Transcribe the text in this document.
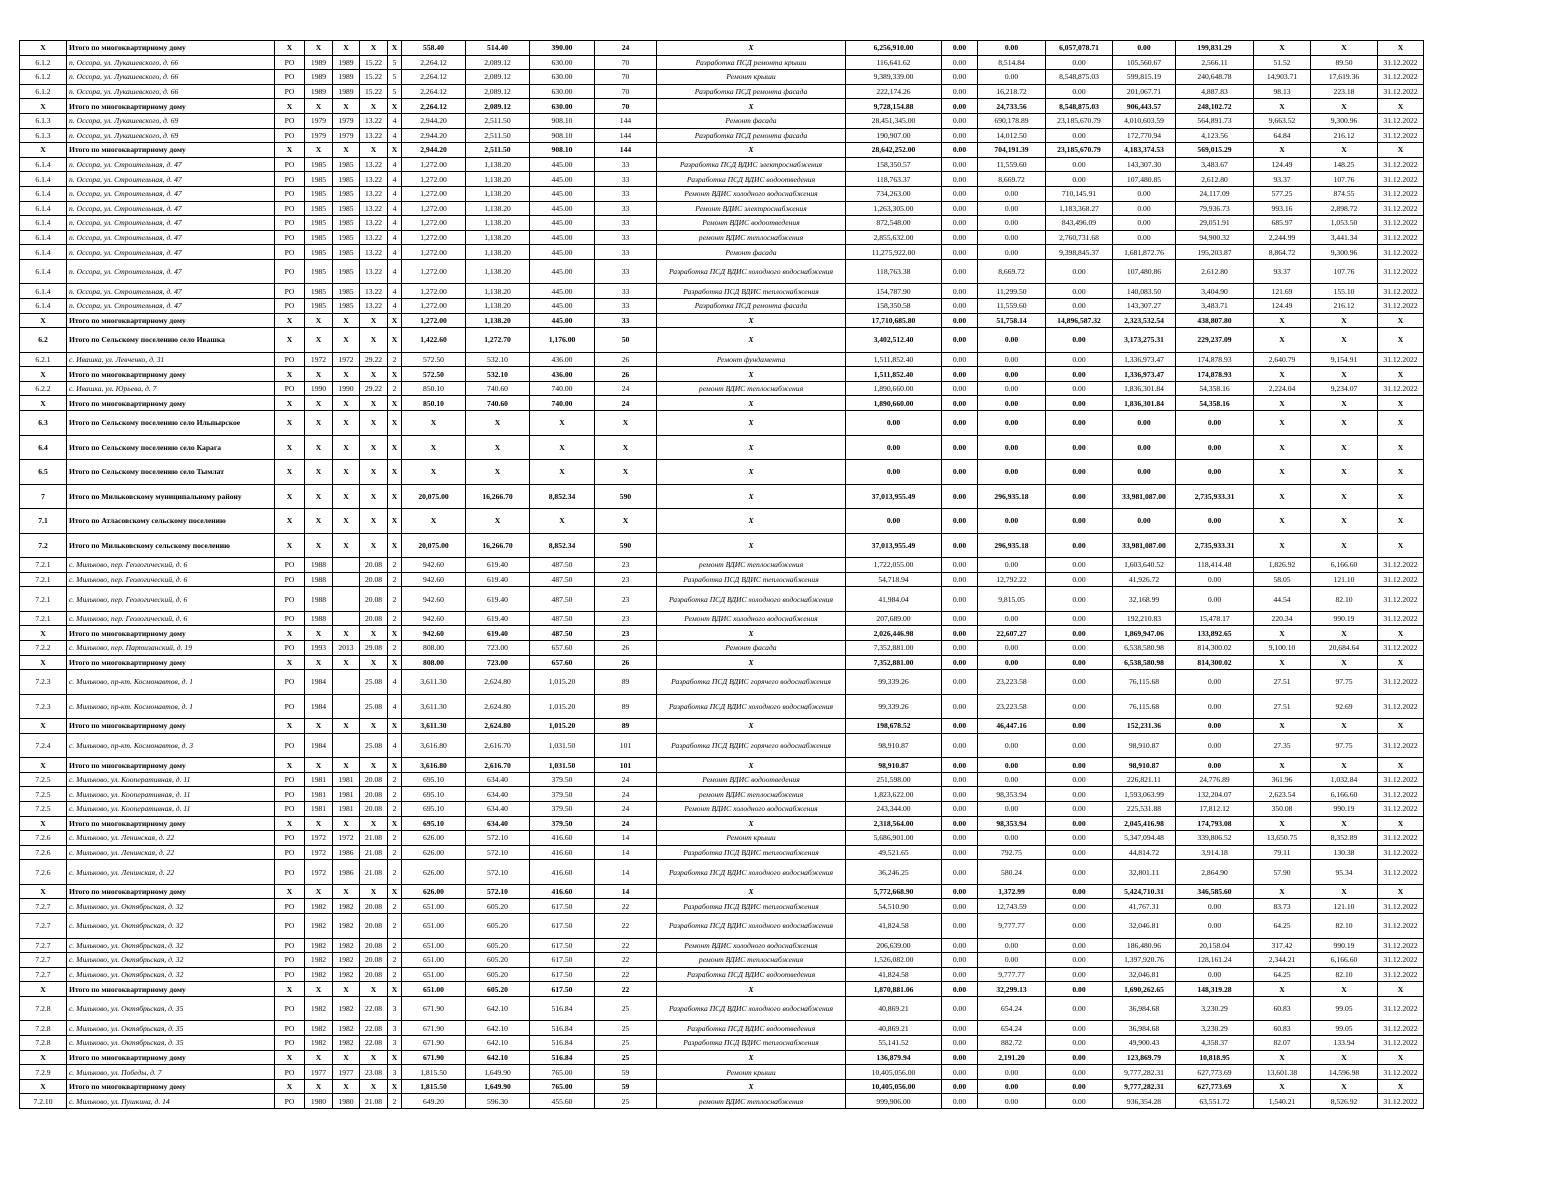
X	Итого по многоквартирному дому	X	X	X	X	X	558.40	514.40	390.00	24	X	6,256,910.00	0.00	0.00	6,057,078.71	0.00	199,831.29	X	X	X
6.1.2	п. Оссора, ул. Лукашевского, д. 66	РО	1989	1989	15.22	5	2,264.12	2,089.12	630.00	70	Разработка ПСД ремонта крыши	116,641.62	0.00	8,514.84	0.00	105,560.67	2,566.11	51.52	89.50	31.12.2022
6.1.2	п. Оссора, ул. Лукашевского, д. 66	РО	1989	1989	15.22	5	2,264.12	2,089.12	630.00	70	Ремонт крыши	9,389,339.00	0.00	0.00	8,548,875.03	599,815.19	240,648.78	14,903.71	17,619.36	31.12.2022
6.1.2	п. Оссора, ул. Лукашевского, д. 66	РО	1989	1989	15.22	5	2,264.12	2,089.12	630.00	70	Разработка ПСД ремонта фасада	222,174.26	0.00	16,218.72	0.00	201,067.71	4,887.83	98.13	223.18	31.12.2022
X	Итого по многоквартирному дому	X	X	X	X	X	2,264.12	2,089.12	630.00	70	X	9,728,154.88	0.00	24,733.56	8,548,875.03	906,443.57	248,102.72	X	X	X
6.1.3	п. Оссора, ул. Лукашевского, д. 69	РО	1979	1979	13.22	4	2,944.20	2,511.50	908.10	144	Ремонт фасада	28,451,345.00	0.00	690,178.89	23,185,670.79	4,010,603.59	564,891.73	9,663.52	9,300.96	31.12.2022
6.1.3	п. Оссора, ул. Лукашевского, д. 69	РО	1979	1979	13.22	4	2,944.20	2,511.50	908.10	144	Разработка ПСД ремонта фасада	190,907.00	0.00	14,012.50	0.00	172,770.94	4,123.56	64.84	216.12	31.12.2022
X	Итого по многоквартирному дому	X	X	X	X	X	2,944.20	2,511.50	908.10	144	X	28,642,252.00	0.00	704,191.39	23,185,670.79	4,183,374.53	569,015.29	X	X	X
6.1.4	п. Оссора, ул. Строительная, д. 47	РО	1985	1985	13.22	4	1,272.00	1,138.20	445.00	33	Разработка ПСД ВДИС электроснабжения	158,350.57	0.00	11,559.60	0.00	143,307.30	3,483.67	124.49	148.25	31.12.2022
6.1.4	п. Оссора, ул. Строительная, д. 47	РО	1985	1985	13.22	4	1,272.00	1,138.20	445.00	33	Разработка ПСД ВДИС водоотведения	118,763.37	0.00	8,669.72	0.00	107,480.85	2,612.80	93.37	107.76	31.12.2022
6.1.4	п. Оссора, ул. Строительная, д. 47	РО	1985	1985	13.22	4	1,272.00	1,138.20	445.00	33	Ремонт ВДИС холодного водоснабжения	734,263.00	0.00	0.00	710,145.91	0.00	24,117.09	577.25	874.55	31.12.2022
6.1.4	п. Оссора, ул. Строительная, д. 47	РО	1985	1985	13.22	4	1,272.00	1,138.20	445.00	33	Ремонт ВДИС электроснабжения	1,263,305.00	0.00	0.00	1,183,368.27	0.00	79,936.73	993.16	2,898.72	31.12.2022
6.1.4	п. Оссора, ул. Строительная, д. 47	РО	1985	1985	13.22	4	1,272.00	1,138.20	445.00	33	Ремонт ВДИС водоотведения	872,548.00	0.00	0.00	843,496.09	0.00	29,051.91	685.97	1,053.50	31.12.2022
6.1.4	п. Оссора, ул. Строительная, д. 47	РО	1985	1985	13.22	4	1,272.00	1,138.20	445.00	33	ремонт ВДИС теплоснабжения	2,855,632.00	0.00	0.00	2,760,731.68	0.00	94,900.32	2,244.99	3,441.34	31.12.2022
6.1.4	п. Оссора, ул. Строительная, д. 47	РО	1985	1985	13.22	4	1,272.00	1,138.20	445.00	33	Ремонт фасада	11,275,922.00	0.00	0.00	9,398,845.37	1,681,872.76	195,203.87	8,864.72	9,300.96	31.12.2022
6.1.4	п. Оссора, ул. Строительная, д. 47	РО	1985	1985	13.22	4	1,272.00	1,138.20	445.00	33	Разработка ПСД ВДИС холодного водоснабжения	118,763.38	0.00	8,669.72	0.00	107,480.86	2,612.80	93.37	107.76	31.12.2022
6.1.4	п. Оссора, ул. Строительная, д. 47	РО	1985	1985	13.22	4	1,272.00	1,138.20	445.00	33	Разработка ПСД ВДИС теплоснабжения	154,787.90	0.00	11,299.50	0.00	140,083.50	3,404.90	121.69	155.10	31.12.2022
6.1.4	п. Оссора, ул. Строительная, д. 47	РО	1985	1985	13.22	4	1,272.00	1,138.20	445.00	33	Разработка ПСД ремонта фасада	158,350.58	0.00	11,559.60	0.00	143,307.27	3,483.71	124.49	216.12	31.12.2022
X	Итого по многоквартирному дому	X	X	X	X	X	1,272.00	1,138.20	445.00	33	X	17,710,685.80	0.00	51,758.14	14,896,587.32	2,323,532.54	438,807.80	X	X	X
6.2	Итого по Сельскому поселению село Ивашка	X	X	X	X	X	1,422.60	1,272.70	1,176.00	50	X	3,402,512.40	0.00	0.00	0.00	3,173,275.31	229,237.09	X	X	X
6.2.1	с. Ивашка, ул. Левченко, д. 31	РО	1972	1972	29.22	2	572.50	532.10	436.00	26	Ремонт фундамента	1,511,852.40	0.00	0.00	0.00	1,336,973.47	174,878.93	2,640.79	9,154.91	31.12.2022
X	Итого по многоквартирному дому	X	X	X	X	X	572.50	532.10	436.00	26	X	1,511,852.40	0.00	0.00	0.00	1,336,973.47	174,878.93	X	X	X
6.2.2	с. Ивашка, ул. Юрьева, д. 7	РО	1990	1990	29.22	2	850.10	740.60	740.00	24	ремонт ВДИС теплоснабжения	1,890,660.00	0.00	0.00	0.00	1,836,301.84	54,358.16	2,224.04	9,234.07	31.12.2022
X	Итого по многоквартирному дому	X	X	X	X	X	850.10	740.60	740.00	24	X	1,890,660.00	0.00	0.00	0.00	1,836,301.84	54,358.16	X	X	X
6.3	Итого по Сельскому поселению село Ильпырское	X	X	X	X	X	X	X	X	X	X	0.00	0.00	0.00	0.00	0.00	0.00	X	X	X
6.4	Итого по Сельскому поселению село Карага	X	X	X	X	X	X	X	X	X	X	0.00	0.00	0.00	0.00	0.00	0.00	X	X	X
6.5	Итого по Сельскому поселению село Тымлат	X	X	X	X	X	X	X	X	X	X	0.00	0.00	0.00	0.00	0.00	0.00	X	X	X
7	Итого по Мильковскому муниципальному району	X	X	X	X	X	20,075.00	16,266.70	8,852.34	590	X	37,013,955.49	0.00	296,935.18	0.00	33,981,087.00	2,735,933.31	X	X	X
7.1	Итого по Атласовскому сельскому поселению	X	X	X	X	X	X	X	X	X	X	0.00	0.00	0.00	0.00	0.00	0.00	X	X	X
7.2	Итого по Мильковскому сельскому поселению	X	X	X	X	X	20,075.00	16,266.70	8,852.34	590	X	37,013,955.49	0.00	296,935.18	0.00	33,981,087.00	2,735,933.31	X	X	X
7.2.1	с. Мильково, пер. Геологический, д. 6	РО	1988		20.08	2	942.60	619.40	487.50	23	ремонт ВДИС теплоснабжения	1,722,055.00	0.00	0.00	0.00	1,603,640.52	118,414.48	1,826.92	6,166.60	31.12.2022
7.2.1	с. Мильково, пер. Геологический, д. 6	РО	1988		20.08	2	942.60	619.40	487.50	23	Разработка ПСД ВДИС теплоснабжения	54,718.94	0.00	12,792.22	0.00	41,926.72	0.00	58.05	121.10	31.12.2022
7.2.1	с. Мильково, пер. Геологический, д. 6	РО	1988		20.08	2	942.60	619.40	487.50	23	Разработка ПСД ВДИС холодного водоснабжения	41,984.04	0.00	9,815.05	0.00	32,168.99	0.00	44.54	82.10	31.12.2022
7.2.1	с. Мильково, пер. Геологический, д. 6	РО	1988		20.08	2	942.60	619.40	487.50	23	Ремонт ВДИС холодного водоснабжения	207,689.00	0.00	0.00	0.00	192,210.83	15,478.17	220.34	990.19	31.12.2022
X	Итого по многоквартирному дому	X	X	X	X	X	942.60	619.40	487.50	23	X	2,026,446.98	0.00	22,607.27	0.00	1,869,947.06	133,892.65	X	X	X
7.2.2	с. Мильково, пер. Партизанский, д. 19	РО	1993	2013	29.08	2	808.00	723.00	657.60	26	Ремонт фасада	7,352,881.00	0.00	0.00	0.00	6,538,580.98	814,300.02	9,100.10	20,684.64	31.12.2022
X	Итого по многоквартирному дому	X	X	X	X	X	808.00	723.00	657.60	26	X	7,352,881.00	0.00	0.00	0.00	6,538,580.98	814,300.02	X	X	X
7.2.3	с. Мильково, пр-кт. Космонавтов, д. 1	РО	1984		25.08	4	3,611.30	2,624.80	1,015.20	89	Разработка ПСД ВДИС горячего водоснабжения	99,339.26	0.00	23,223.58	0.00	76,115.68	0.00	27.51	97.75	31.12.2022
7.2.3	с. Мильково, пр-кт. Космонавтов, д. 1	РО	1984		25.08	4	3,611.30	2,624.80	1,015.20	89	Разработка ПСД ВДИС холодного водоснабжения	99,339.26	0.00	23,223.58	0.00	76,115.68	0.00	27.51	92.69	31.12.2022
X	Итого по многоквартирному дому	X	X	X	X	X	3,611.30	2,624.80	1,015.20	89	X	198,678.52	0.00	46,447.16	0.00	152,231.36	0.00	X	X	X
7.2.4	с. Мильково, пр-кт. Космонавтов, д. 3	РО	1984		25.08	4	3,616.80	2,616.70	1,031.50	101	Разработка ПСД ВДИС горячего водоснабжения	98,910.87	0.00	0.00	0.00	98,910.87	0.00	27.35	97.75	31.12.2022
X	Итого по многоквартирному дому	X	X	X	X	X	3,616.80	2,616.70	1,031.50	101	X	98,910.87	0.00	0.00	0.00	98,910.87	0.00	X	X	X
7.2.5	с. Мильково, ул. Кооперативная, д. 11	РО	1981	1981	20.08	2	695.10	634.40	379.50	24	Ремонт ВДИС водоотведения	251,598.00	0.00	0.00	0.00	226,821.11	24,776.89	361.96	1,032.84	31.12.2022
7.2.5	с. Мильково, ул. Кооперативная, д. 11	РО	1981	1981	20.08	2	695.10	634.40	379.50	24	ремонт ВДИС теплоснабжения	1,823,622.00	0.00	98,353.94	0.00	1,593,063.99	132,204.07	2,623.54	6,166.60	31.12.2022
7.2.5	с. Мильково, ул. Кооперативная, д. 11	РО	1981	1981	20.08	2	695.10	634.40	379.50	24	Ремонт ВДИС холодного водоснабжения	243,344.00	0.00	0.00	0.00	225,531.88	17,812.12	350.08	990.19	31.12.2022
X	Итого по многоквартирному дому	X	X	X	X	X	695.10	634.40	379.50	24	X	2,318,564.00	0.00	98,353.94	0.00	2,045,416.98	174,793.08	X	X	X
7.2.6	с. Мильково, ул. Ленинская, д. 22	РО	1972	1972	21.08	2	626.00	572.10	416.60	14	Ремонт крыши	5,686,901.00	0.00	0.00	0.00	5,347,094.48	339,806.52	13,650.75	8,352.89	31.12.2022
7.2.6	с. Мильково, ул. Ленинская, д. 22	РО	1972	1986	21.08	2	626.00	572.10	416.60	14	Разработка ПСД ВДИС теплоснабжения	49,521.65	0.00	792.75	0.00	44,814.72	3,914.18	79.11	130.38	31.12.2022
7.2.6	с. Мильково, ул. Ленинская, д. 22	РО	1972	1986	21.08	2	626.00	572.10	416.60	14	Разработка ПСД ВДИС холодного водоснабжения	36,246.25	0.00	580.24	0.00	32,801.11	2,864.90	57.90	95.34	31.12.2022
X	Итого по многоквартирному дому	X	X	X	X	X	626.00	572.10	416.60	14	X	5,772,668.90	0.00	1,372.99	0.00	5,424,710.31	346,585.60	X	X	X
7.2.7	с. Мильково, ул. Октябрьская, д. 32	РО	1982	1982	20.08	2	651.00	605.20	617.50	22	Разработка ПСД ВДИС теплоснабжения	54,510.90	0.00	12,743.59	0.00	41,767.31	0.00	83.73	121.10	31.12.2022
7.2.7	с. Мильково, ул. Октябрьская, д. 32	РО	1982	1982	20.08	2	651.00	605.20	617.50	22	Разработка ПСД ВДИС холодного водоснабжения	41,824.58	0.00	9,777.77	0.00	32,046.81	0.00	64.25	82.10	31.12.2022
7.2.7	с. Мильково, ул. Октябрьская, д. 32	РО	1982	1982	20.08	2	651.00	605.20	617.50	22	Ремонт ВДИС холодного водоснабжения	206,639.00	0.00	0.00	0.00	186,480.96	20,158.04	317.42	990.19	31.12.2022
7.2.7	с. Мильково, ул. Октябрьская, д. 32	РО	1982	1982	20.08	2	651.00	605.20	617.50	22	ремонт ВДИС теплоснабжения	1,526,082.00	0.00	0.00	0.00	1,397,920.76	128,161.24	2,344.21	6,166.60	31.12.2022
7.2.7	с. Мильково, ул. Октябрьская, д. 32	РО	1982	1982	20.08	2	651.00	605.20	617.50	22	Разработка ПСД ВДИС водоотведения	41,824.58	0.00	9,777.77	0.00	32,046.81	0.00	64.25	82.10	31.12.2022
X	Итого по многоквартирному дому	X	X	X	X	X	651.00	605.20	617.50	22	X	1,870,881.06	0.00	32,299.13	0.00	1,690,262.65	148,319.28	X	X	X
7.2.8	с. Мильково, ул. Октябрьская, д. 35	РО	1982	1982	22.08	3	671.90	642.10	516.84	25	Разработка ПСД ВДИС холодного водоснабжения	40,869.21	0.00	654.24	0.00	36,984.68	3,230.29	60.83	99.05	31.12.2022
7.2.8	с. Мильково, ул. Октябрьская, д. 35	РО	1982	1982	22.08	3	671.90	642.10	516.84	25	Разработка ПСД ВДИС водоотведения	40,869.21	0.00	654.24	0.00	36,984.68	3,230.29	60.83	99.05	31.12.2022
7.2.8	с. Мильково, ул. Октябрьская, д. 35	РО	1982	1982	22.08	3	671.90	642.10	516.84	25	Разработка ПСД ВДИС теплоснабжения	55,141.52	0.00	882.72	0.00	49,900.43	4,358.37	82.07	133.94	31.12.2022
X	Итого по многоквартирному дому	X	X	X	X	X	671.90	642.10	516.84	25	X	136,879.94	0.00	2,191.20	0.00	123,869.79	10,818.95	X	X	X
7.2.9	с. Мильково, ул. Победы, д. 7	РО	1977	1977	23.08	3	1,815.50	1,649.90	765.00	59	Ремонт крыши	10,405,056.00	0.00	0.00	0.00	9,777,282.31	627,773.69	13,601.38	14,596.98	31.12.2022
X	Итого по многоквартирному дому	X	X	X	X	X	1,815.50	1,649.90	765.00	59	X	10,405,056.00	0.00	0.00	0.00	9,777,282.31	627,773.69	X	X	X
7.2.10	с. Мильково, ул. Пушкина, д. 14	РО	1980	1980	21.08	2	649.20	596.30	455.60	25	ремонт ВДИС теплоснабжения	999,906.00	0.00	0.00	0.00	936,354.28	63,551.72	1,540.21	8,526.92	31.12.2022
